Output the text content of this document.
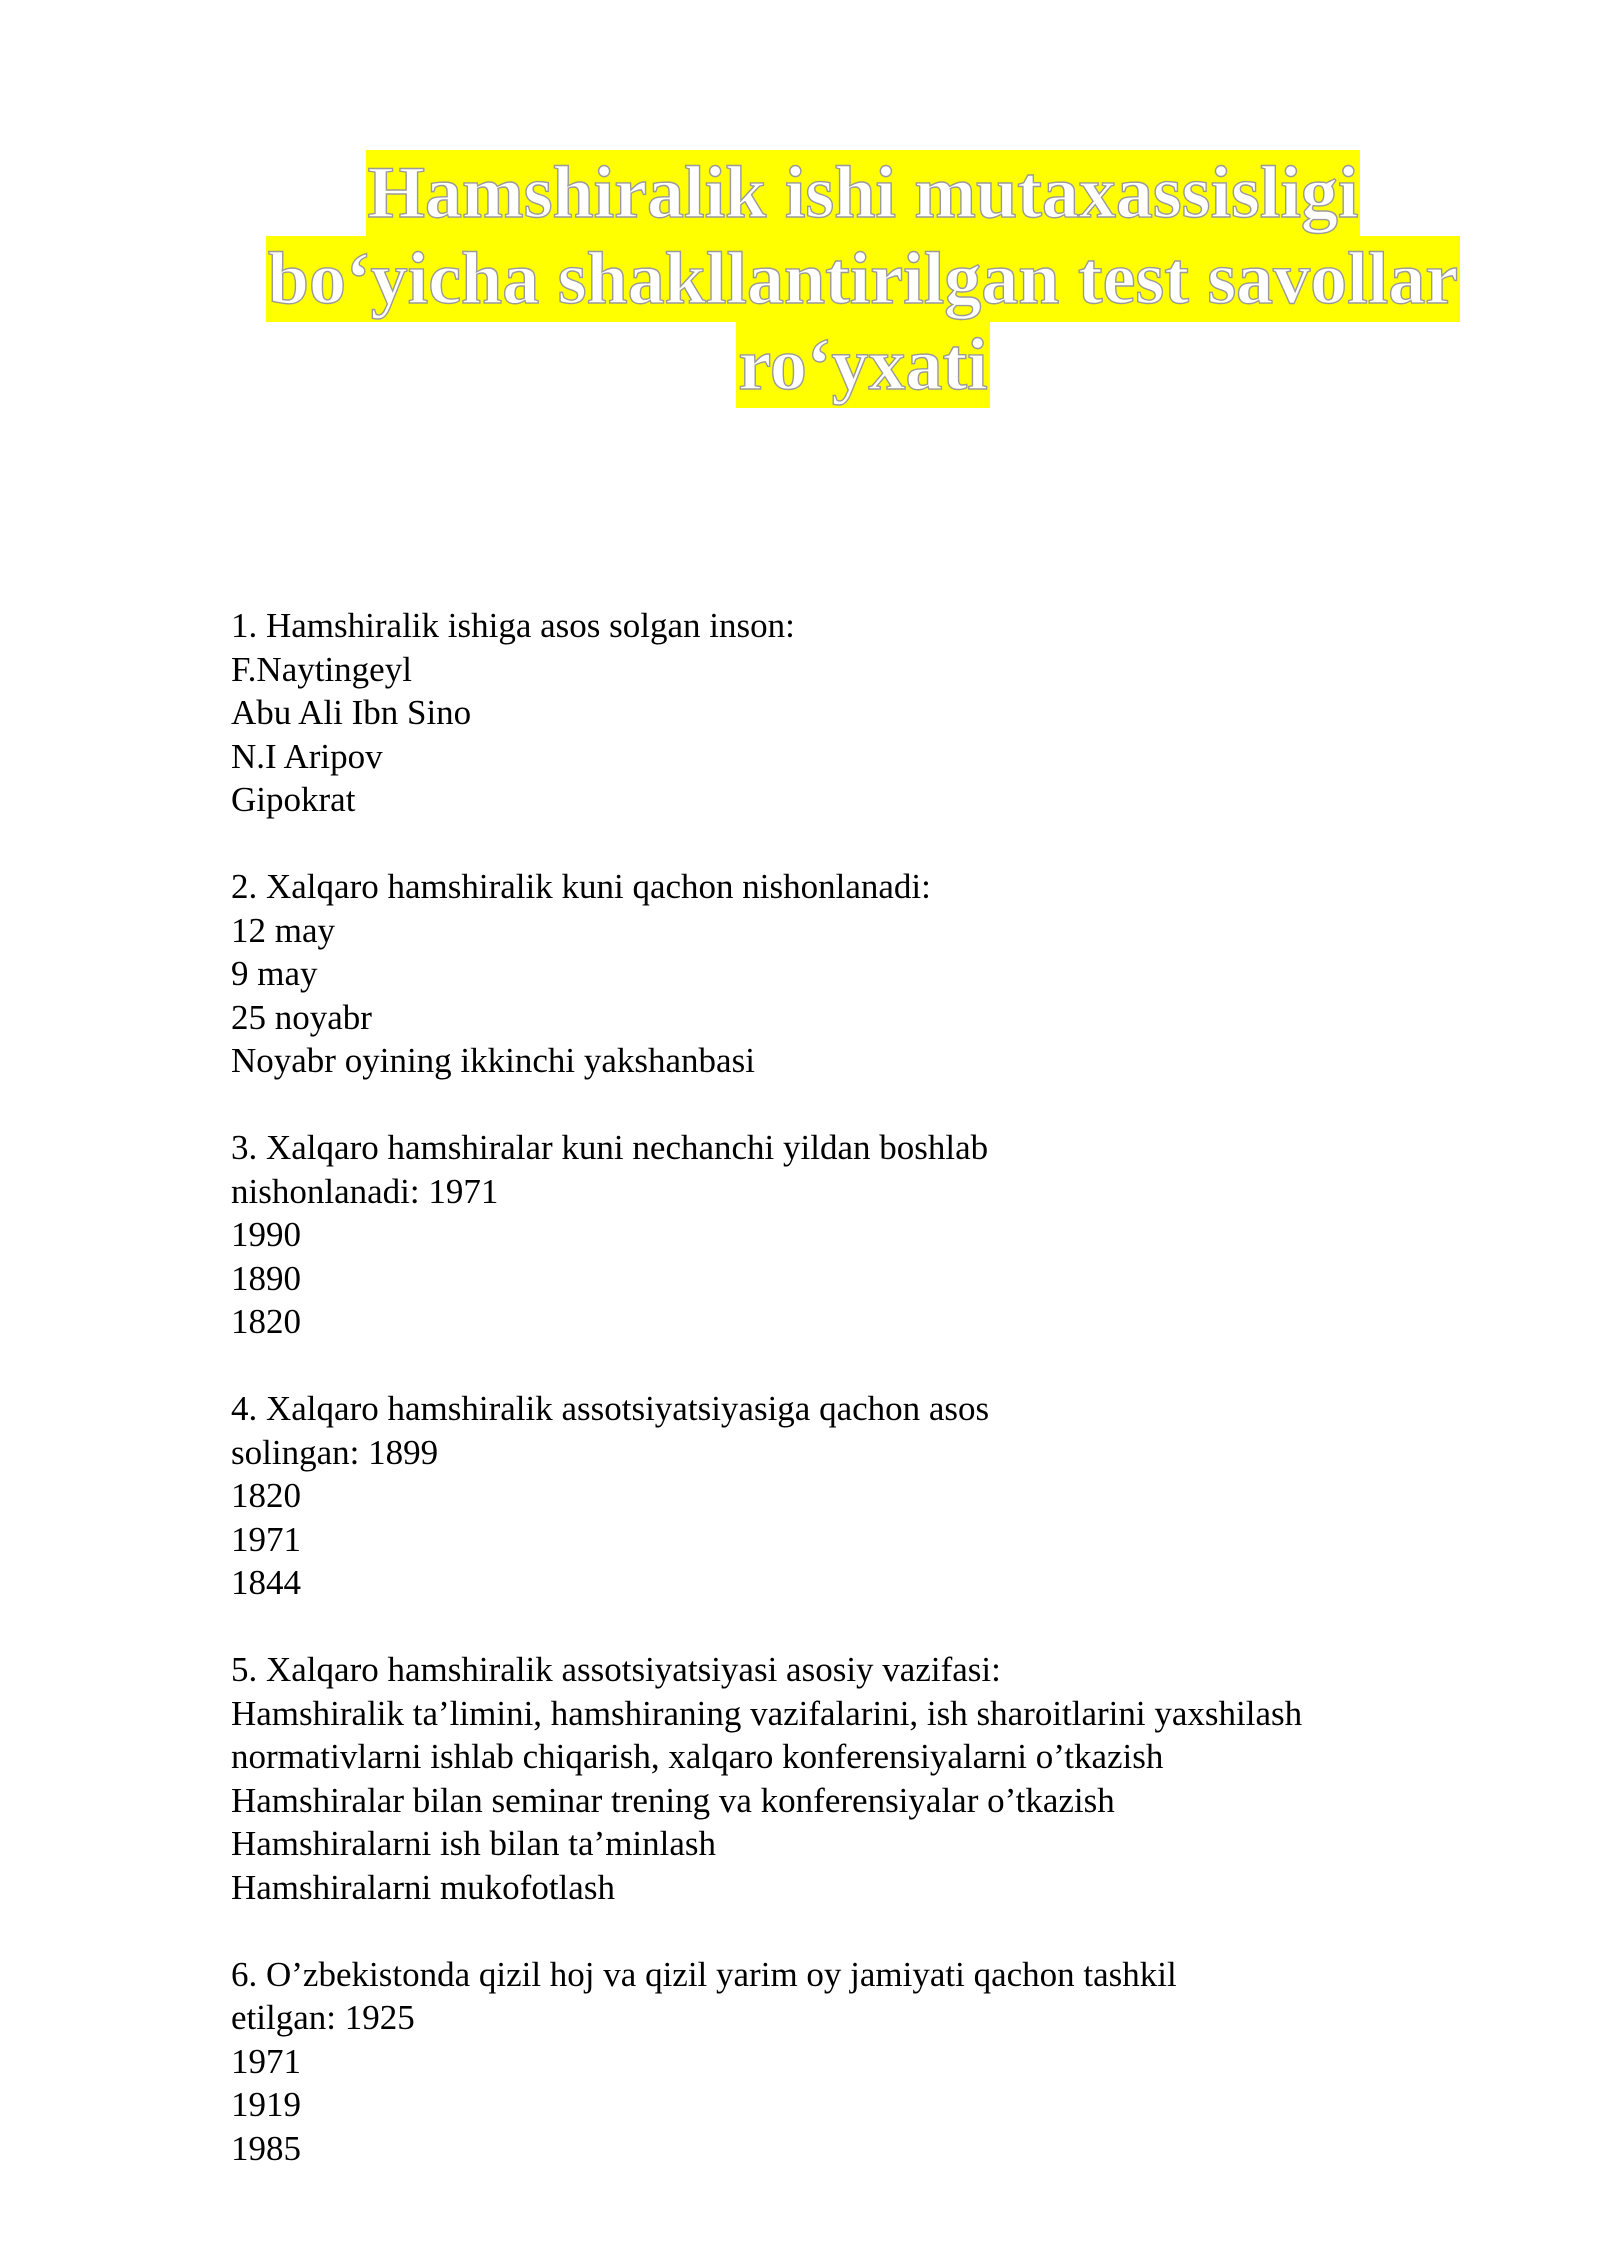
Hamshiralik ishi mutaxassisligi
bo‘yicha shakllantirilgan test savollar
ro‘yxati
1. Hamshiralik ishiga asos solgan inson:
F.Naytingeyl
Abu Ali Ibn Sino
N.I Aripov
Gipokrat
2. Xalqaro hamshiralik kuni qachon nishonlanadi:
12 may
9 may
25 noyabr
Noyabr oyining ikkinchi yakshanbasi
3. Xalqaro hamshiralar kuni nechanchi yildan boshlab
nishonlanadi: 1971
1990
1890
1820
4. Xalqaro hamshiralik assotsiyatsiyasiga qachon asos
solingan: 1899
1820
1971
1844
5. Xalqaro hamshiralik assotsiyatsiyasi asosiy vazifasi:
Hamshiralik ta’limini, hamshiraning vazifalarini, ish sharoitlarini yaxshilash
normativlarni ishlab chiqarish, xalqaro konferensiyalarni o’tkazish
Hamshiralar bilan seminar trening va konferensiyalar o’tkazish
Hamshiralarni ish bilan ta’minlash
Hamshiralarni mukofotlash
6. O’zbekistonda qizil hoj va qizil yarim oy jamiyati qachon tashkil
etilgan: 1925
1971
1919
1985
